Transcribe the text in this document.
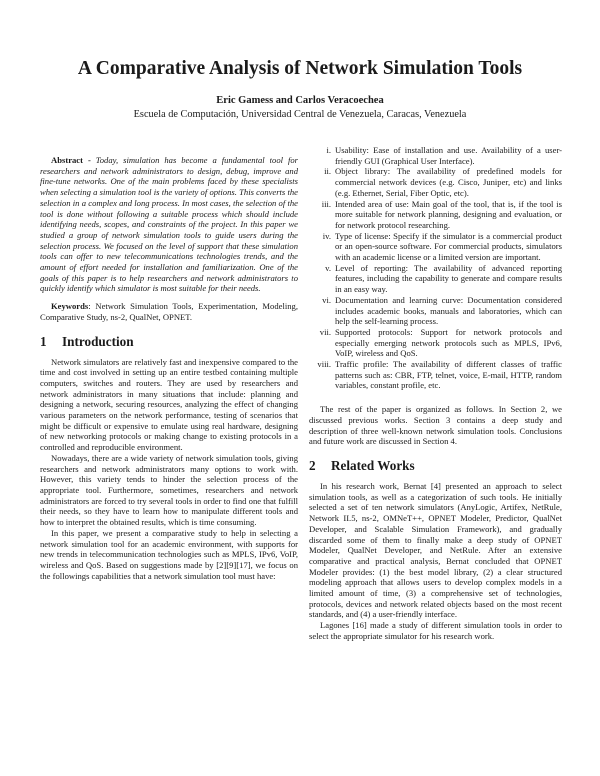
A Comparative Analysis of Network Simulation Tools
Eric Gamess and Carlos Veracoechea
Escuela de Computación, Universidad Central de Venezuela, Caracas, Venezuela

Abstract - Today, simulation has become a fundamental tool for researchers and network administrators to design, debug, improve and fine-tune networks. One of the main problems faced by these specialists when selecting a simulation tool is the variety of options. This converts the selection in a complex and long process. In most cases, the selection of the tool is done without following a suitable process which should include identifying needs, scopes, and constraints of the project. In this paper we studied a group of network simulation tools to guide users during the selection process. We focused on the level of support that these simulation tools can offer to new telecommunications technologies trends, and the amount of effort needed for installation and familiarization. One of the goals of this paper is to help researchers and network administrators to quickly identify which simulator is most suitable for their needs.

Keywords: Network Simulation Tools, Experimentation, Modeling, Comparative Study, ns-2, QualNet, OPNET.

1 Introduction

Network simulators are relatively fast and inexpensive compared to the time and cost involved in setting up an entire testbed containing multiple computers, switches and routers. They are used by researchers and network administrators in many situations that include: planning and designing a network, securing resources, analyzing the effect of changing various parameters on the network performance, testing of scenarios that might be difficult or expensive to emulate using real hardware, designing of new networking protocols or making change to existing protocols in a controlled and reproducible environment.

Nowadays, there are a wide variety of network simulation tools, giving researchers and network administrators many options to work with. However, this variety tends to hinder the selection process of the appropriate tool. Furthermore, sometimes, researchers and network administrators are forced to try several tools in order to find one that fulfill their needs, so they have to learn how to manipulate different tools and how to interpret the obtained results, which is time consuming.

In this paper, we present a comparative study to help in selecting a network simulation tool for an academic environment, with supports for new trends in telecommunication technologies such as MPLS, IPv6, VoIP, wireless and QoS. Based on suggestions made by [2][9][17], we focus on the followings capabilities that a network simulation tool must have:

i. Usability: Ease of installation and use. Availability of a user-friendly GUI (Graphical User Interface).
ii. Object library: The availability of predefined models for commercial network devices (e.g. Cisco, Juniper, etc) and links (e.g. Ethernet, Serial, Fiber Optic, etc).
iii. Intended area of use: Main goal of the tool, that is, if the tool is more suitable for network planning, designing and evaluation, or for network protocol researching.
iv. Type of license: Specify if the simulator is a commercial product or an open-source software. For commercial products, simulators with an academic license or a limited version are important.
v. Level of reporting: The availability of advanced reporting features, including the capability to generate and compare results in an easy way.
vi. Documentation and learning curve: Documentation considered includes academic books, manuals and laboratories, which can help the self-learning process.
vii. Supported protocols: Support for network protocols and especially emerging network protocols such as MPLS, IPv6, VoIP, wireless and QoS.
viii. Traffic profile: The availability of different classes of traffic patterns such as: CBR, FTP, telnet, voice, E-mail, HTTP, random variables, constant profile, etc.

The rest of the paper is organized as follows. In Section 2, we discussed previous works. Section 3 contains a deep study and description of three well-known network simulation tools. Conclusions and future work are discussed in Section 4.

2 Related Works

In his research work, Bernat [4] presented an approach to select simulation tools, as well as a categorization of such tools. He initially selected a set of ten network simulators (AnyLogic, Artifex, NetRule, Network II.5, ns-2, OMNeT++, OPNET Modeler, Predictor, QualNet Developer, and Scalable Simulation Framework), and gradually discarded some of them to finally make a deep study of OPNET Modeler, QualNet Developer, and NetRule. After an extensive comparative and practical analysis, Bernat concluded that OPNET Modeler provides: (1) the best model library, (2) a clear structured modeling approach that allows users to develop complex models in a limited amount of time, (3) a comprehensive set of technologies, protocols, devices and network related objects based on the most recent standards, and (4) a user-friendly interface.

Lagones [16] made a study of different simulation tools in order to select the appropriate simulator for his research work.
